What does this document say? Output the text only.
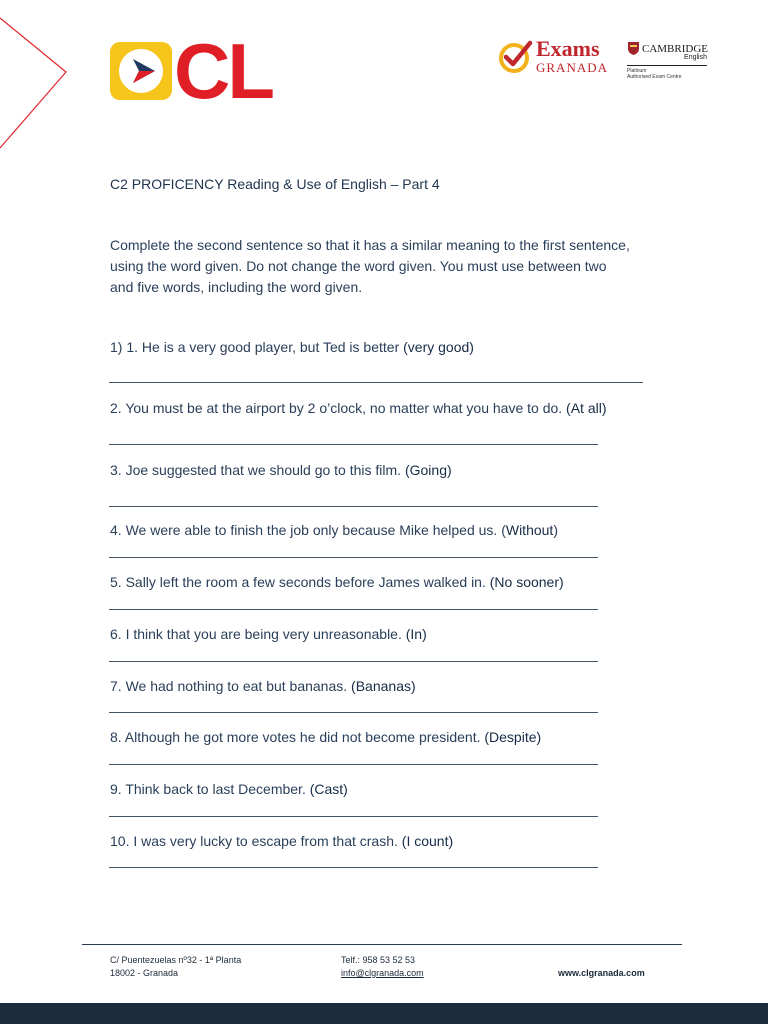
CL	Exams
GRANADA
CAMBRIDGE
English
Platinum
Authorised Exam Centre
C2 PROFICENCY Reading & Use of English – Part 4

Complete the second sentence so that it has a similar meaning to the first sentence, using the word given. Do not change the word given. You must use between two and five words, including the word given.

1) 1. He is a very good player, but Ted is better (very good)
2. You must be at the airport by 2 o’clock, no matter what you have to do. (At all)
3. Joe suggested that we should go to this film. (Going)
4. We were able to finish the job only because Mike helped us. (Without)
5. Sally left the room a few seconds before James walked in. (No sooner)
6. I think that you are being very unreasonable. (In)
7. We had nothing to eat but bananas. (Bananas)
8. Although he got more votes he did not become president. (Despite)
9. Think back to last December. (Cast)
10. I was very lucky to escape from that crash. (I count)
C/ Puentezuelas nº32 - 1ª Planta
18002 - Granada
Telf.: 958 53 52 53
info@clgranada.com	www.clgranada.com
